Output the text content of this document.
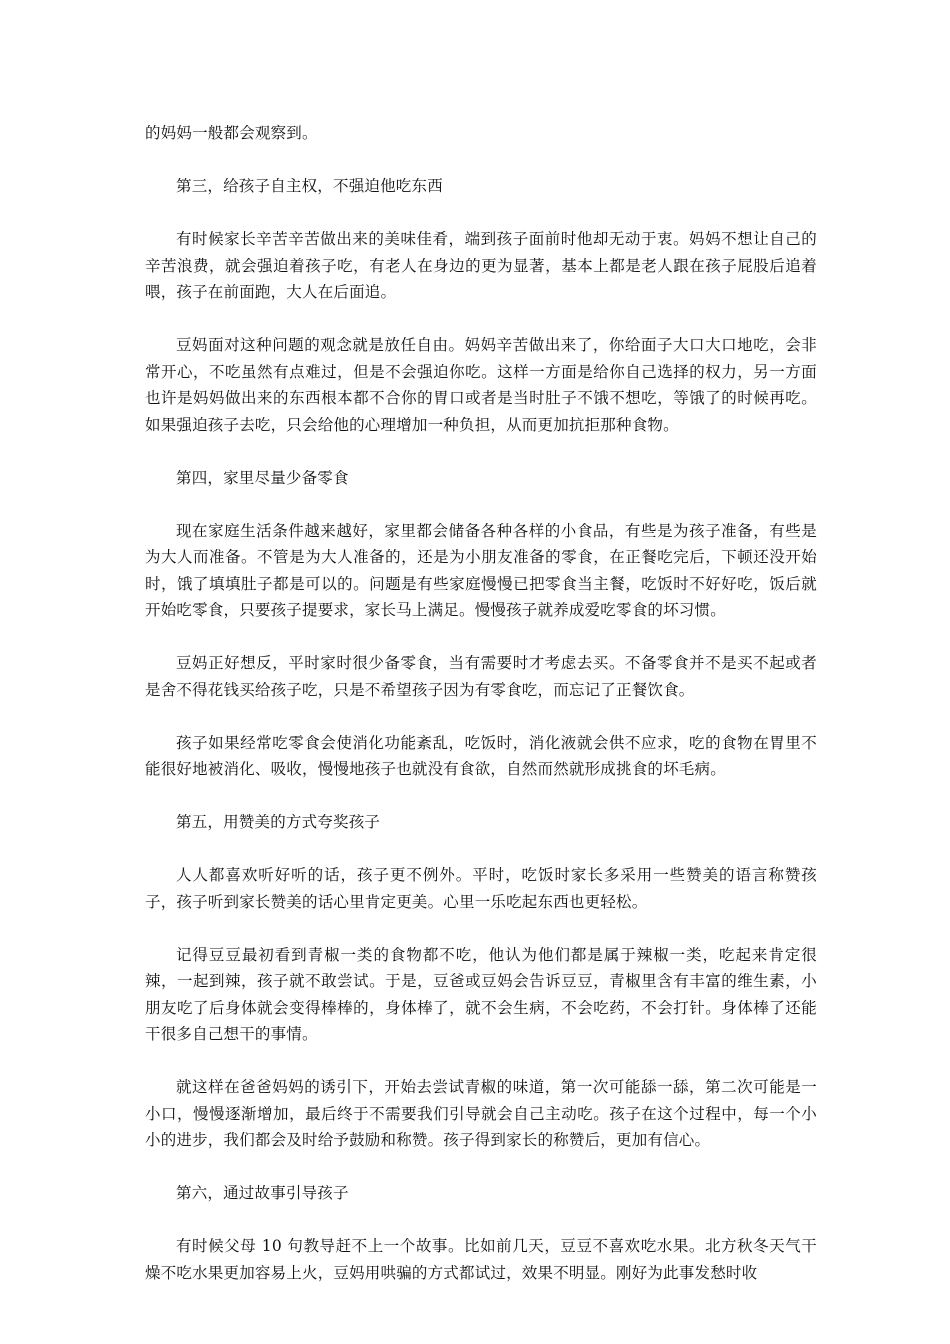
的妈妈一般都会观察到。

第三，给孩子自主权，不强迫他吃东西

有时候家长辛苦辛苦做出来的美味佳肴，端到孩子面前时他却无动于衷。妈妈不想让自己的辛苦浪费，就会强迫着孩子吃，有老人在身边的更为显著，基本上都是老人跟在孩子屁股后追着喂，孩子在前面跑，大人在后面追。

豆妈面对这种问题的观念就是放任自由。妈妈辛苦做出来了，你给面子大口大口地吃，会非常开心，不吃虽然有点难过，但是不会强迫你吃。这样一方面是给你自己选择的权力，另一方面也许是妈妈做出来的东西根本都不合你的胃口或者是当时肚子不饿不想吃，等饿了的时候再吃。如果强迫孩子去吃，只会给他的心理增加一种负担，从而更加抗拒那种食物。

第四，家里尽量少备零食

现在家庭生活条件越来越好，家里都会储备各种各样的小食品，有些是为孩子准备，有些是为大人而准备。不管是为大人准备的，还是为小朋友准备的零食，在正餐吃完后，下顿还没开始时，饿了填填肚子都是可以的。问题是有些家庭慢慢已把零食当主餐，吃饭时不好好吃，饭后就开始吃零食，只要孩子提要求，家长马上满足。慢慢孩子就养成爱吃零食的坏习惯。

豆妈正好想反，平时家时很少备零食，当有需要时才考虑去买。不备零食并不是买不起或者是舍不得花钱买给孩子吃，只是不希望孩子因为有零食吃，而忘记了正餐饮食。

孩子如果经常吃零食会使消化功能紊乱，吃饭时，消化液就会供不应求，吃的食物在胃里不能很好地被消化、吸收，慢慢地孩子也就没有食欲，自然而然就形成挑食的坏毛病。

第五，用赞美的方式夸奖孩子

人人都喜欢听好听的话，孩子更不例外。平时，吃饭时家长多采用一些赞美的语言称赞孩子，孩子听到家长赞美的话心里肯定更美。心里一乐吃起东西也更轻松。

记得豆豆最初看到青椒一类的食物都不吃，他认为他们都是属于辣椒一类，吃起来肯定很辣，一起到辣，孩子就不敢尝试。于是，豆爸或豆妈会告诉豆豆，青椒里含有丰富的维生素，小朋友吃了后身体就会变得棒棒的，身体棒了，就不会生病，不会吃药，不会打针。身体棒了还能干很多自己想干的事情。

就这样在爸爸妈妈的诱引下，开始去尝试青椒的味道，第一次可能舔一舔，第二次可能是一小口，慢慢逐渐增加，最后终于不需要我们引导就会自己主动吃。孩子在这个过程中，每一个小小的进步，我们都会及时给予鼓励和称赞。孩子得到家长的称赞后，更加有信心。

第六，通过故事引导孩子

有时候父母 10 句教导赶不上一个故事。比如前几天，豆豆不喜欢吃水果。北方秋冬天气干燥不吃水果更加容易上火，豆妈用哄骗的方式都试过，效果不明显。刚好为此事发愁时收
